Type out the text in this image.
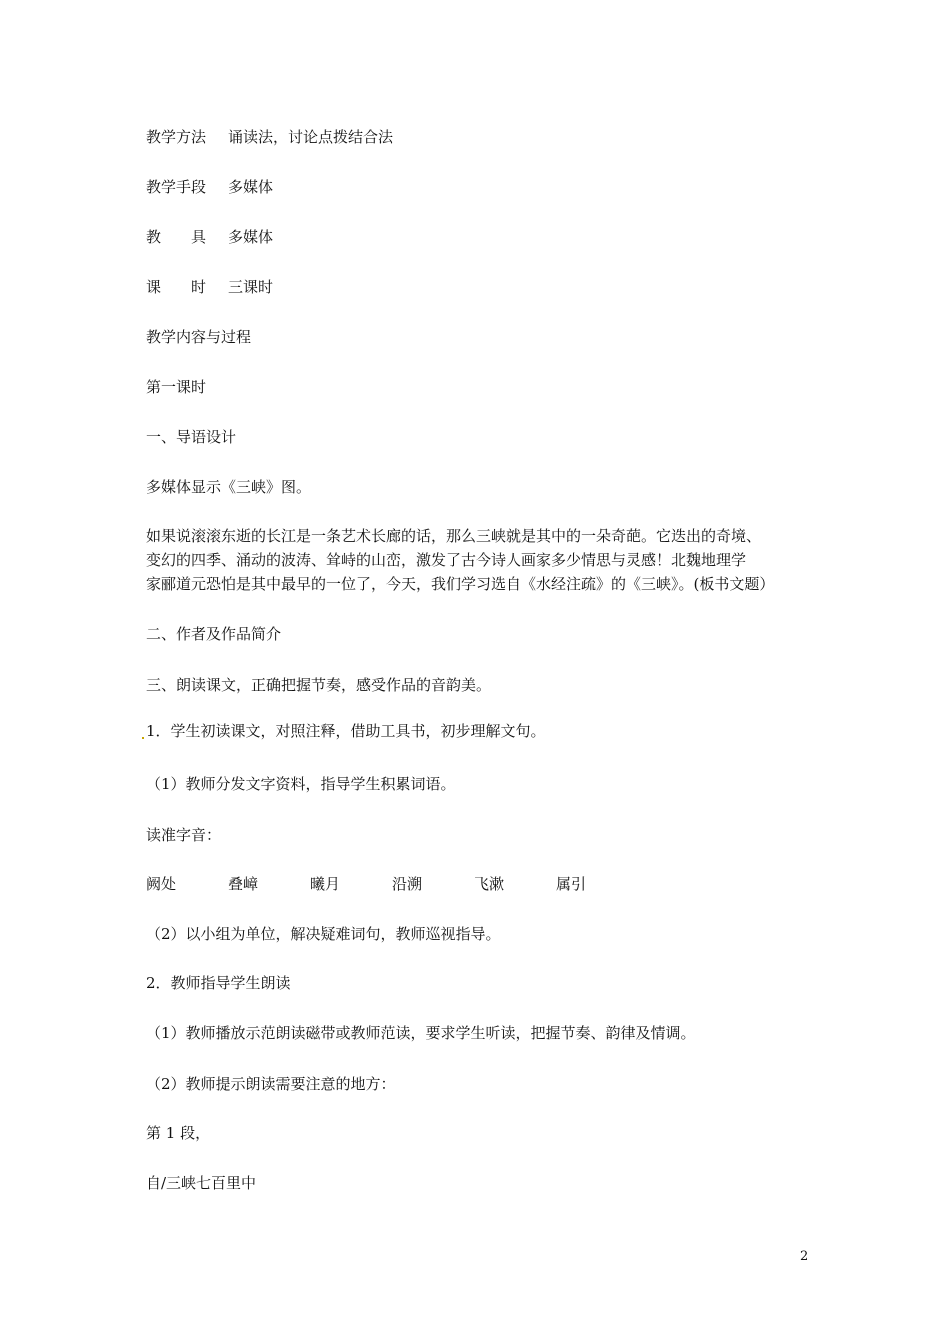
教学方法 诵读法，讨论点拨结合法
教学手段 多媒体
教　　具 多媒体
课　　时 三课时
教学内容与过程
第一课时
一、导语设计
多媒体显示《三峡》图。
如果说滚滚东逝的长江是一条艺术长廊的话，那么三峡就是其中的一朵奇葩。它迭出的奇境、
变幻的四季、涌动的波涛、耸峙的山峦，激发了古今诗人画家多少情思与灵感！北魏地理学
家郦道元恐怕是其中最早的一位了，今天，我们学习选自《水经注疏》的《三峡》。(板书文题）
二、作者及作品简介
三、朗读课文，正确把握节奏，感受作品的音韵美。
1．学生初读课文，对照注释，借助工具书，初步理解文句。
（1）教师分发文字资料，指导学生积累词语。
读准字音：
阙处	叠嶂	曦月	沿溯	飞漱	属引
（2）以小组为单位，解决疑难词句，教师巡视指导。
2．教师指导学生朗读
（1）教师播放示范朗读磁带或教师范读，要求学生听读，把握节奏、韵律及情调。
（2）教师提示朗读需要注意的地方：
第 1 段，
自/三峡七百里中
2
